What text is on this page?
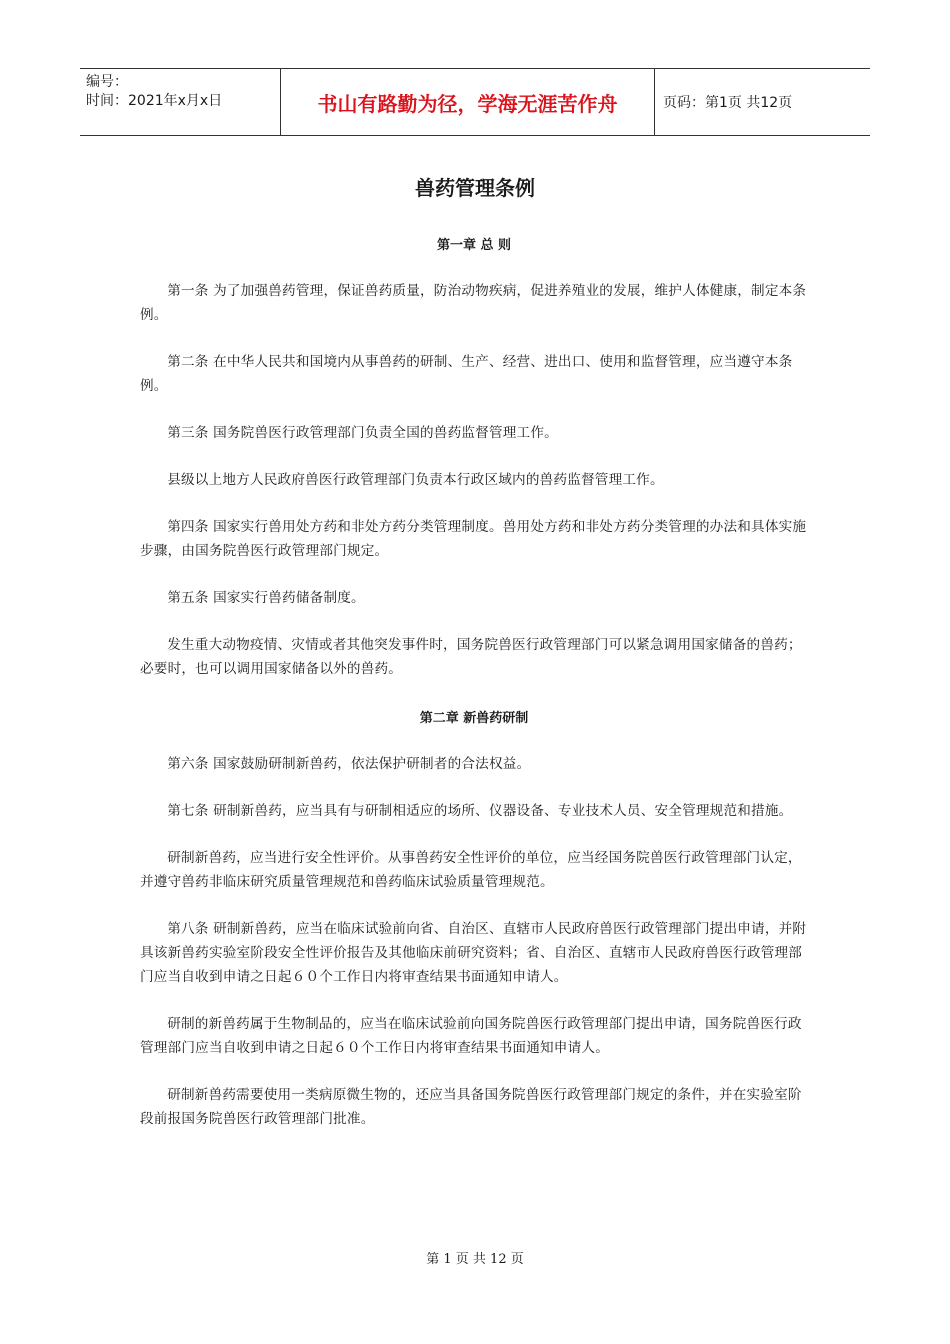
编号：
时间：2021年x月x日	书山有路勤为径，学海无涯苦作舟	页码：第1页 共12页
兽药管理条例

第一章 总 则

第一条 为了加强兽药管理，保证兽药质量，防治动物疾病，促进养殖业的发展，维护人体健康，制定本条例。

第二条 在中华人民共和国境内从事兽药的研制、生产、经营、进出口、使用和监督管理，应当遵守本条例。

第三条 国务院兽医行政管理部门负责全国的兽药监督管理工作。

县级以上地方人民政府兽医行政管理部门负责本行政区域内的兽药监督管理工作。

第四条 国家实行兽用处方药和非处方药分类管理制度。兽用处方药和非处方药分类管理的办法和具体实施步骤，由国务院兽医行政管理部门规定。

第五条 国家实行兽药储备制度。

发生重大动物疫情、灾情或者其他突发事件时，国务院兽医行政管理部门可以紧急调用国家储备的兽药；必要时，也可以调用国家储备以外的兽药。

第二章 新兽药研制

第六条 国家鼓励研制新兽药，依法保护研制者的合法权益。

第七条 研制新兽药，应当具有与研制相适应的场所、仪器设备、专业技术人员、安全管理规范和措施。

研制新兽药，应当进行安全性评价。从事兽药安全性评价的单位，应当经国务院兽医行政管理部门认定，并遵守兽药非临床研究质量管理规范和兽药临床试验质量管理规范。

第八条 研制新兽药，应当在临床试验前向省、自治区、直辖市人民政府兽医行政管理部门提出申请，并附具该新兽药实验室阶段安全性评价报告及其他临床前研究资料；省、自治区、直辖市人民政府兽医行政管理部门应当自收到申请之日起６０个工作日内将审查结果书面通知申请人。

研制的新兽药属于生物制品的，应当在临床试验前向国务院兽医行政管理部门提出申请，国务院兽医行政管理部门应当自收到申请之日起６０个工作日内将审查结果书面通知申请人。

研制新兽药需要使用一类病原微生物的，还应当具备国务院兽医行政管理部门规定的条件，并在实验室阶段前报国务院兽医行政管理部门批准。

第 1 页 共 12 页
